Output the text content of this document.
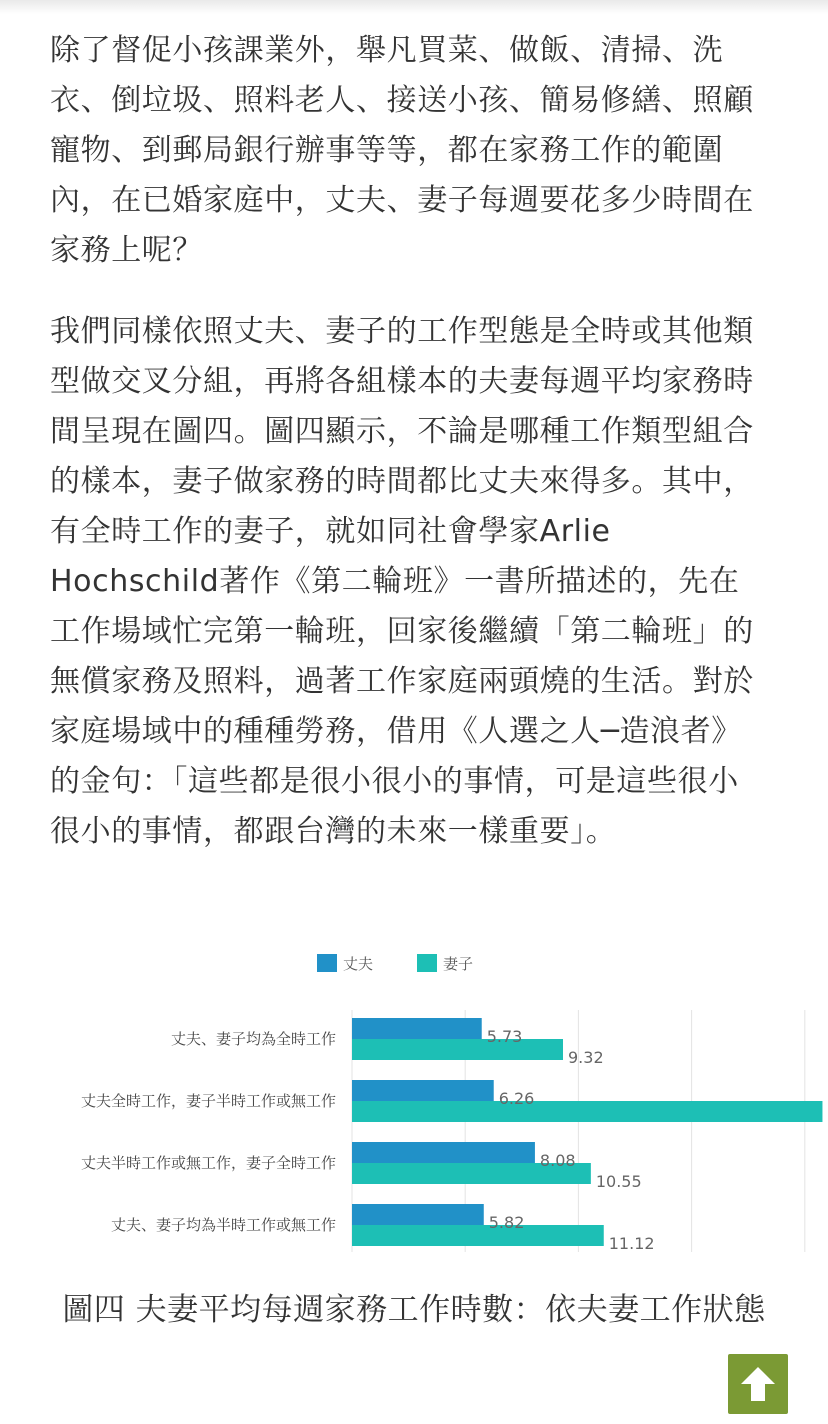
除了督促小孩課業外，舉凡買菜、做飯、清掃、洗衣、倒垃圾、照料老人、接送小孩、簡易修繕、照顧寵物、到郵局銀行辦事等等，都在家務工作的範圍內，在已婚家庭中，丈夫、妻子每週要花多少時間在家務上呢？

我們同樣依照丈夫、妻子的工作型態是全時或其他類型做交叉分組，再將各組樣本的夫妻每週平均家務時間呈現在圖四。圖四顯示，不論是哪種工作類型組合的樣本，妻子做家務的時間都比丈夫來得多。其中，有全時工作的妻子，就如同社會學家Arlie Hochschild著作《第二輪班》一書所描述的，先在工作場域忙完第一輪班，回家後繼續「第二輪班」的無償家務及照料，過著工作家庭兩頭燒的生活。對於家庭場域中的種種勞務，借用《人選之人─造浪者》的金句：「這些都是很小很小的事情，可是這些很小很小的事情，都跟台灣的未來一樣重要」。

丈夫	妻子
丈夫、妻子均為全時工作
丈夫全時工作，妻子半時工作或無工作
丈夫半時工作或無工作，妻子全時工作
丈夫、妻子均為半時工作或無工作
5.73
9.32
6.26
8.08
10.55
5.82
11.12
圖四 夫妻平均每週家務工作時數：依夫妻工作狀態
